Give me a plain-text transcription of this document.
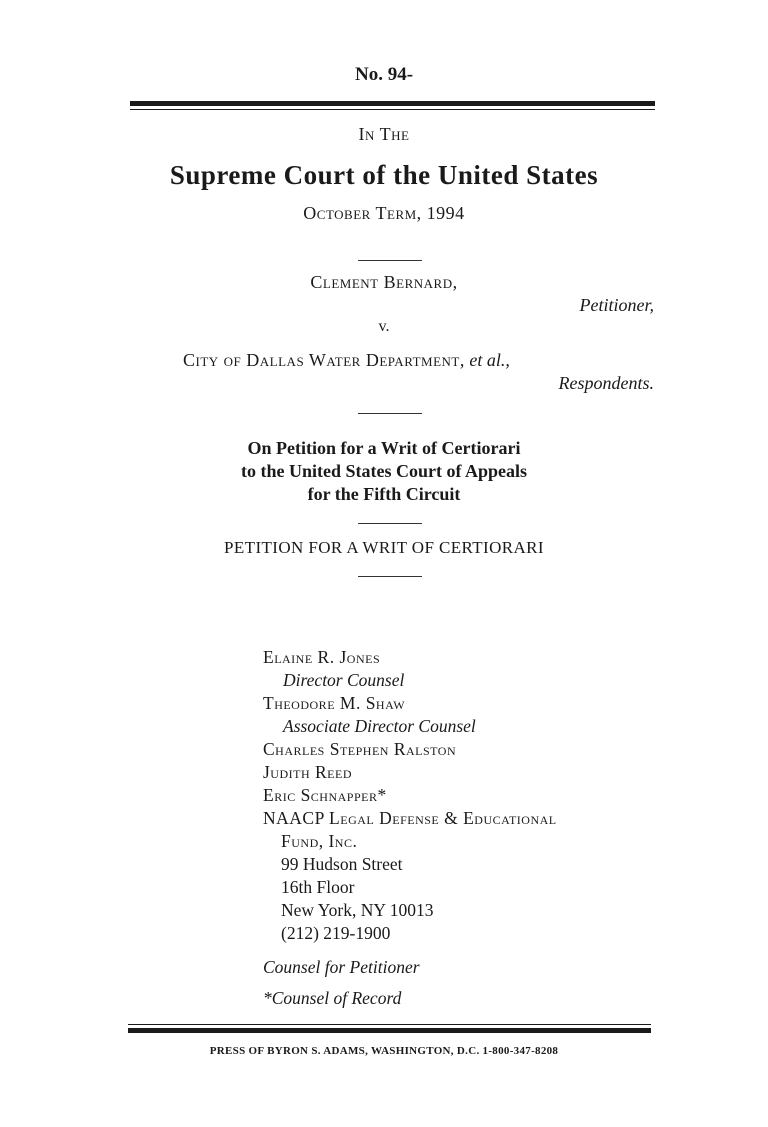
No. 94-
In The
Supreme Court of the United States
October Term, 1994
Clement Bernard,
Petitioner,
v.
City of Dallas Water Department, et al.,
Respondents.
On Petition for a Writ of Certiorari
to the United States Court of Appeals
for the Fifth Circuit
PETITION FOR A WRIT OF CERTIORARI
Elaine R. Jones
Director Counsel
Theodore M. Shaw
Associate Director Counsel
Charles Stephen Ralston
Judith Reed
Eric Schnapper*
NAACP Legal Defense & Educational
Fund, Inc.
99 Hudson Street
16th Floor
New York, NY 10013
(212) 219-1900
Counsel for Petitioner
*Counsel of Record
PRESS OF BYRON S. ADAMS, WASHINGTON, D.C. 1-800-347-8208
